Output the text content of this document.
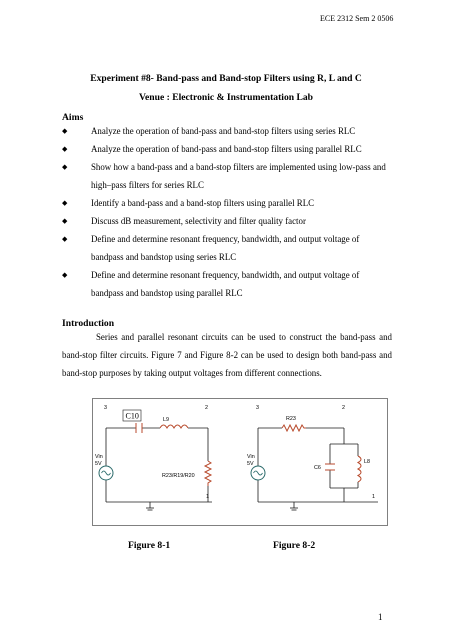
ECE 2312 Sem 2 0506
Experiment #8- Band-pass and Band-stop Filters using R, L and C
Venue : Electronic & Instrumentation Lab
Aims
◆	Analyze the operation of band-pass and band-stop filters using series RLC
◆	Analyze the operation of band-pass and band-stop filters using parallel RLC
◆	Show how a band-pass and a band-stop filters are implemented using low-pass and high–pass filters for series RLC
◆	Identify a band-pass and a band-stop filters using parallel RLC
◆	Discuss dB measurement, selectivity and filter quality factor
◆	Define and determine resonant frequency, bandwidth, and output voltage of bandpass and bandstop using series RLC
◆	Define and determine resonant frequency, bandwidth, and output voltage of bandpass and bandstop using parallel RLC
Introduction
Series and parallel resonant circuits can be used to construct the band-pass and band-stop filter circuits. Figure 7 and Figure 8-2 can be used to design both band-pass and band-stop purposes by taking output voltages from different connections.
3	2
1
C10	L9
R23/R19/R20
Vin
5V
3	2
1
R23
C6
L8
Vin
5V
Figure 8-1	Figure 8-2
1
